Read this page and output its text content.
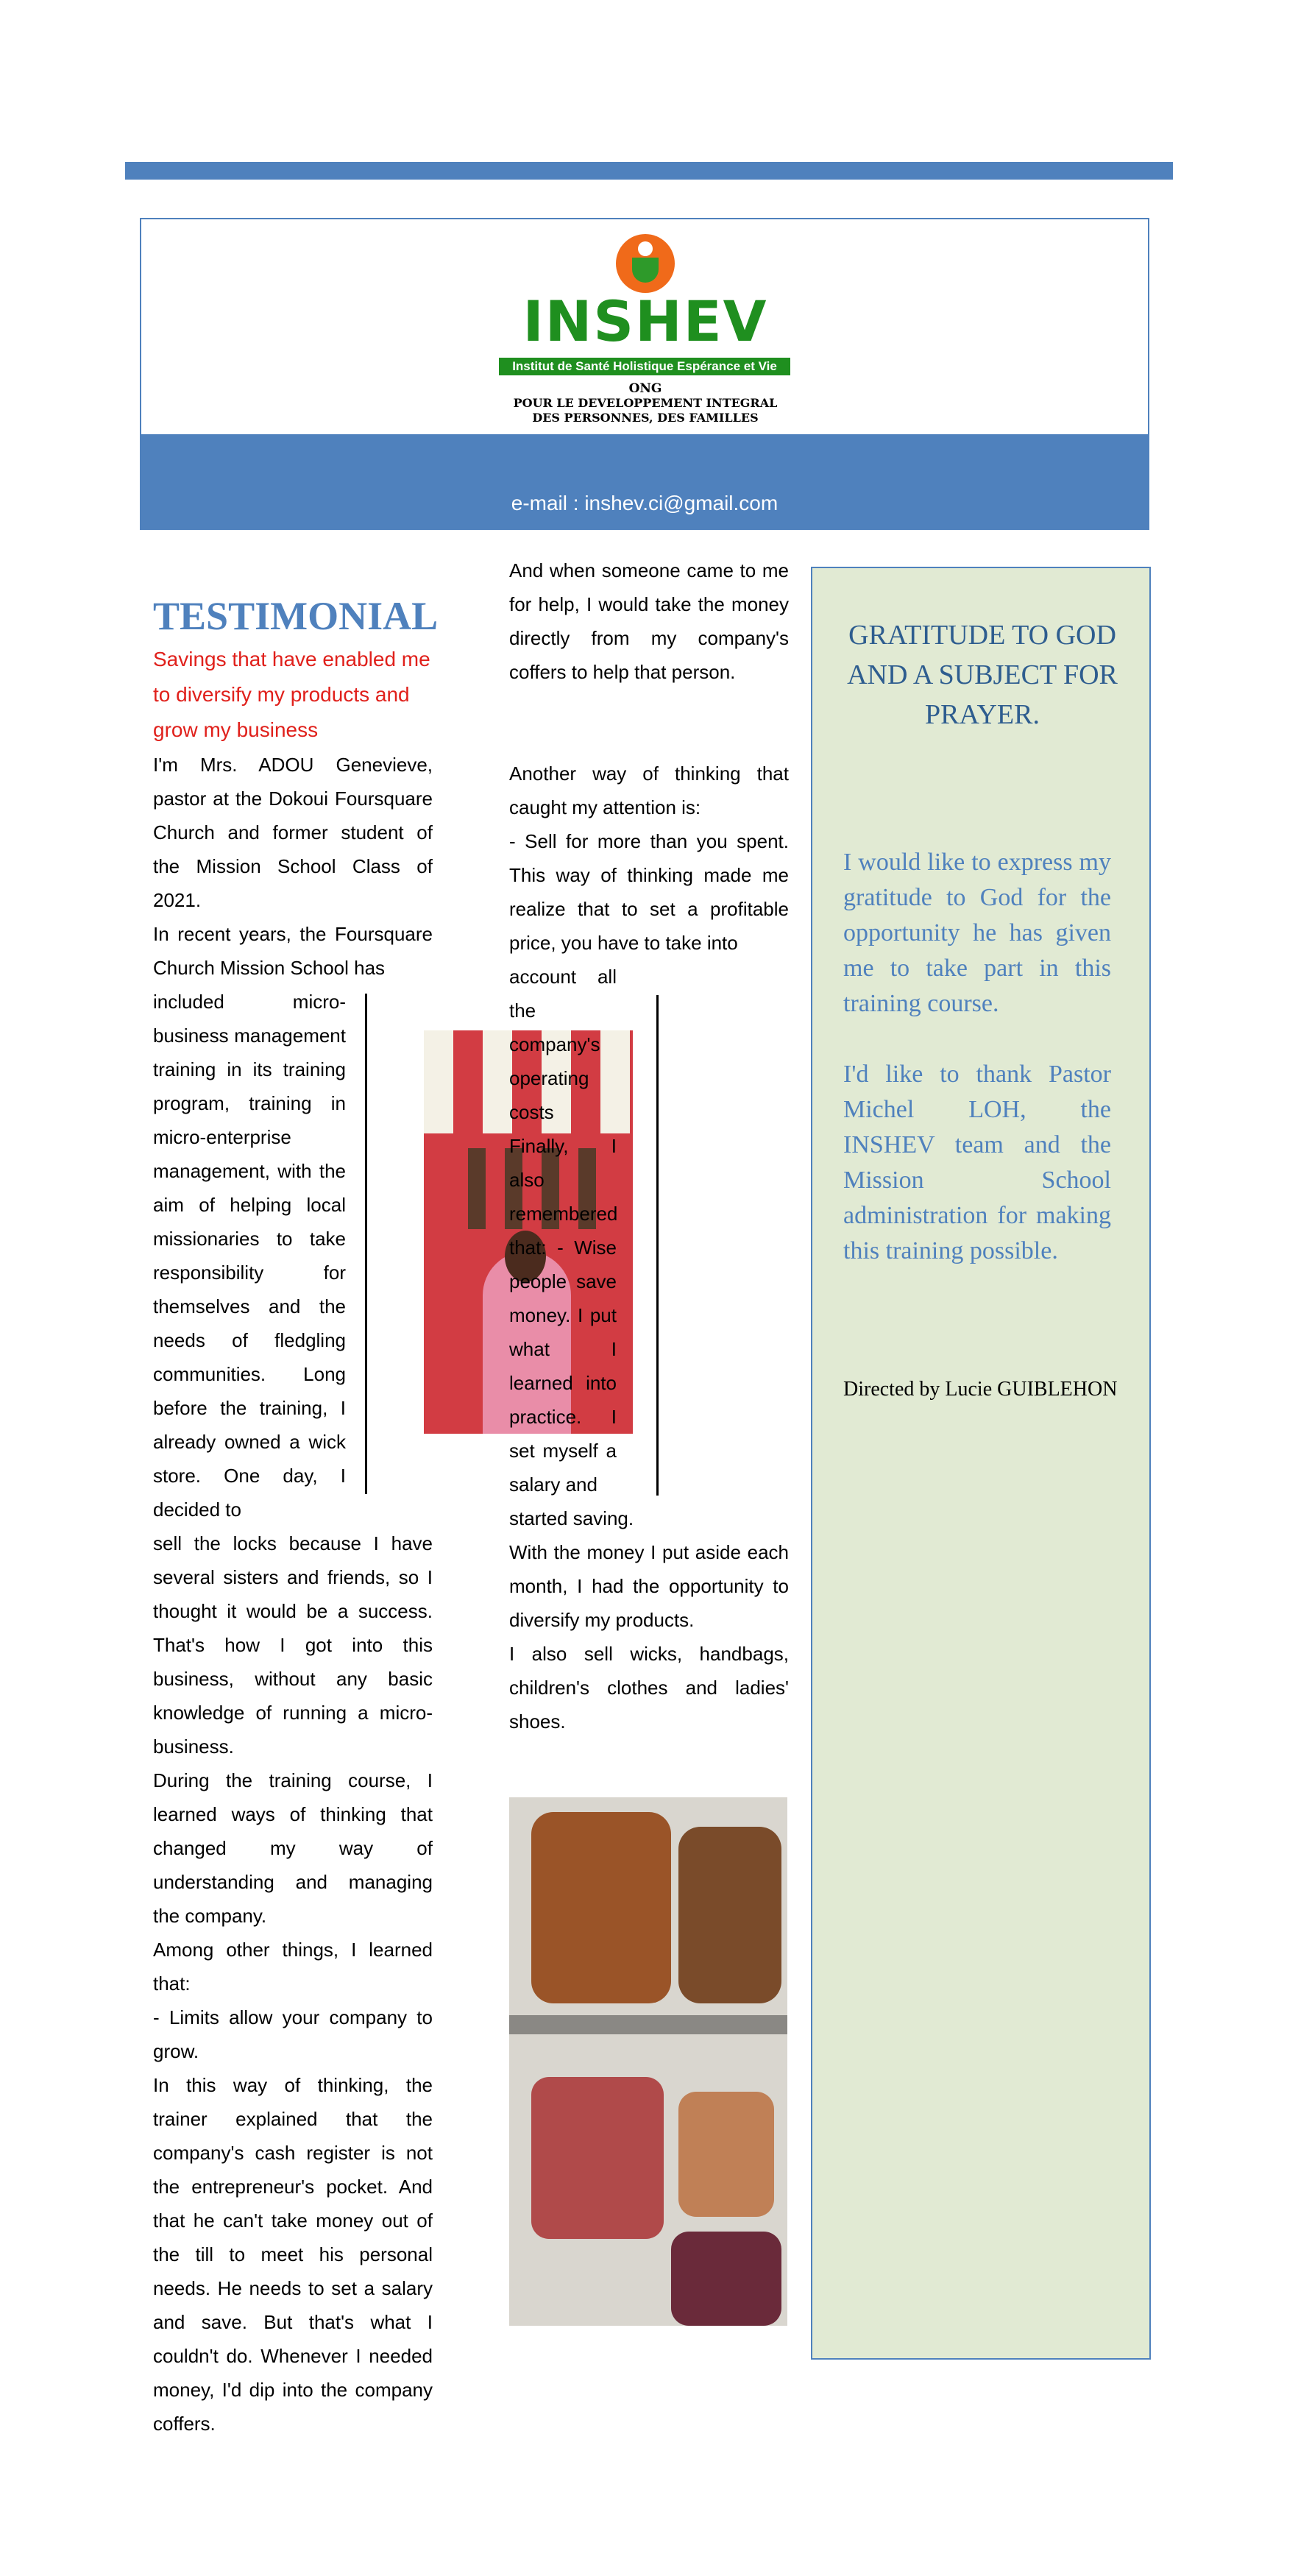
INSHEV
Institut de Santé Holistique Espérance et Vie
ONG
POUR LE DEVELOPPEMENT INTEGRAL
DES PERSONNES, DES FAMILLES
e-mail : inshev.ci@gmail.com
TESTIMONIAL

Savings that have enabled me to diversify my products and grow my business

I'm Mrs. ADOU Genevieve, pastor at the Dokoui Foursquare Church and former student of the Mission School Class of 2021.

In recent years, the Foursquare Church Mission School has

included micro-business management training in its training program, training in micro-enterprise management, with the aim of helping local missionaries to take responsibility for themselves and the needs of fledgling communities. Long before the training, I already owned a wick store. One day, I decided to

sell the locks because I have several sisters and friends, so I thought it would be a success. That's how I got into this business, without any basic knowledge of running a micro-business.

During the training course, I learned ways of thinking that changed my way of understanding and managing the company.

Among other things, I learned that:

- Limits allow your company to grow.

In this way of thinking, the trainer explained that the company's cash register is not the entrepreneur's pocket. And that he can't take money out of the till to meet his personal needs. He needs to set a salary and save. But that's what I couldn't do. Whenever I needed money, I'd dip into the company coffers.

And when someone came to me for help, I would take the money directly from my company's coffers to help that person.

Another way of thinking that caught my attention is:

- Sell for more than you spent. This way of thinking made me realize that to set a profitable price, you have to take into

account all the company's operating costs Finally, I also remembered that: - Wise people save money. I put what I learned into practice. I set myself a salary and

started saving.

With the money I put aside each month, I had the opportunity to diversify my products.

I also sell wicks, handbags, children's clothes and ladies' shoes.

GRATITUDE TO GOD AND A SUBJECT FOR PRAYER.
I would like to express my gratitude to God for the opportunity he has given me to take part in this training course.
I'd like to thank Pastor Michel LOH, the INSHEV team and the Mission School administration for making this training possible.
Directed by Lucie GUIBLEHON
